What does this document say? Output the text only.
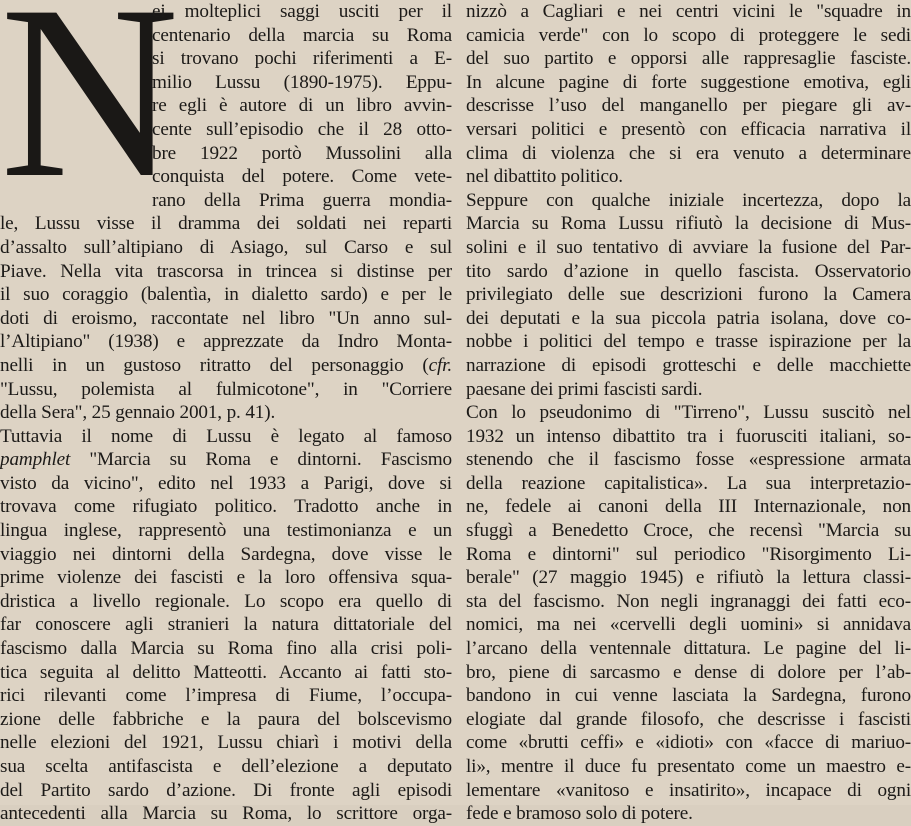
N
ei molteplici saggi usciti per il
centenario della marcia su Roma
si trovano pochi riferimenti a E-
milio Lussu (1890-1975). Eppu-
re egli è autore di un libro avvin-
cente sull’episodio che il 28 otto-
bre 1922 portò Mussolini alla
conquista del potere. Come vete-
rano della Prima guerra mondia-
le, Lussu visse il dramma dei soldati nei reparti
d’assalto sull’altipiano di Asiago, sul Carso e sul
Piave. Nella vita trascorsa in trincea si distinse per
il suo coraggio (balentìa, in dialetto sardo) e per le
doti di eroismo, raccontate nel libro "Un anno sul-
l’Altipiano" (1938) e apprezzate da Indro Monta-
nelli in un gustoso ritratto del personaggio (cfr.
"Lussu, polemista al fulmicotone", in "Corriere
della Sera", 25 gennaio 2001, p. 41).
Tuttavia il nome di Lussu è legato al famoso
pamphlet "Marcia su Roma e dintorni. Fascismo
visto da vicino", edito nel 1933 a Parigi, dove si
trovava come rifugiato politico. Tradotto anche in
lingua inglese, rappresentò una testimonianza e un
viaggio nei dintorni della Sardegna, dove visse le
prime violenze dei fascisti e la loro offensiva squa-
dristica a livello regionale. Lo scopo era quello di
far conoscere agli stranieri la natura dittatoriale del
fascismo dalla Marcia su Roma fino alla crisi poli-
tica seguita al delitto Matteotti. Accanto ai fatti sto-
rici rilevanti come l’impresa di Fiume, l’occupa-
zione delle fabbriche e la paura del bolscevismo
nelle elezioni del 1921, Lussu chiarì i motivi della
sua scelta antifascista e dell’elezione a deputato
del Partito sardo d’azione. Di fronte agli episodi
antecedenti alla Marcia su Roma, lo scrittore orga-
nizzò a Cagliari e nei centri vicini le "squadre in
camicia verde" con lo scopo di proteggere le sedi
del suo partito e opporsi alle rappresaglie fasciste.
In alcune pagine di forte suggestione emotiva, egli
descrisse l’uso del manganello per piegare gli av-
versari politici e presentò con efficacia narrativa il
clima di violenza che si era venuto a determinare
nel dibattito politico.
Seppure con qualche iniziale incertezza, dopo la
Marcia su Roma Lussu rifiutò la decisione di Mus-
solini e il suo tentativo di avviare la fusione del Par-
tito sardo d’azione in quello fascista. Osservatorio
privilegiato delle sue descrizioni furono la Camera
dei deputati e la sua piccola patria isolana, dove co-
nobbe i politici del tempo e trasse ispirazione per la
narrazione di episodi grotteschi e delle macchiette
paesane dei primi fascisti sardi.
Con lo pseudonimo di "Tirreno", Lussu suscitò nel
1932 un intenso dibattito tra i fuorusciti italiani, so-
stenendo che il fascismo fosse «espressione armata
della reazione capitalistica». La sua interpretazio-
ne, fedele ai canoni della III Internazionale, non
sfuggì a Benedetto Croce, che recensì "Marcia su
Roma e dintorni" sul periodico "Risorgimento Li-
berale" (27 maggio 1945) e rifiutò la lettura classi-
sta del fascismo. Non negli ingranaggi dei fatti eco-
nomici, ma nei «cervelli degli uomini» si annidava
l’arcano della ventennale dittatura. Le pagine del li-
bro, piene di sarcasmo e dense di dolore per l’ab-
bandono in cui venne lasciata la Sardegna, furono
elogiate dal grande filosofo, che descrisse i fascisti
come «brutti ceffi» e «idioti» con «facce di mariuo-
li», mentre il duce fu presentato come un maestro e-
lementare «vanitoso e insatirito», incapace di ogni
fede e bramoso solo di potere.
